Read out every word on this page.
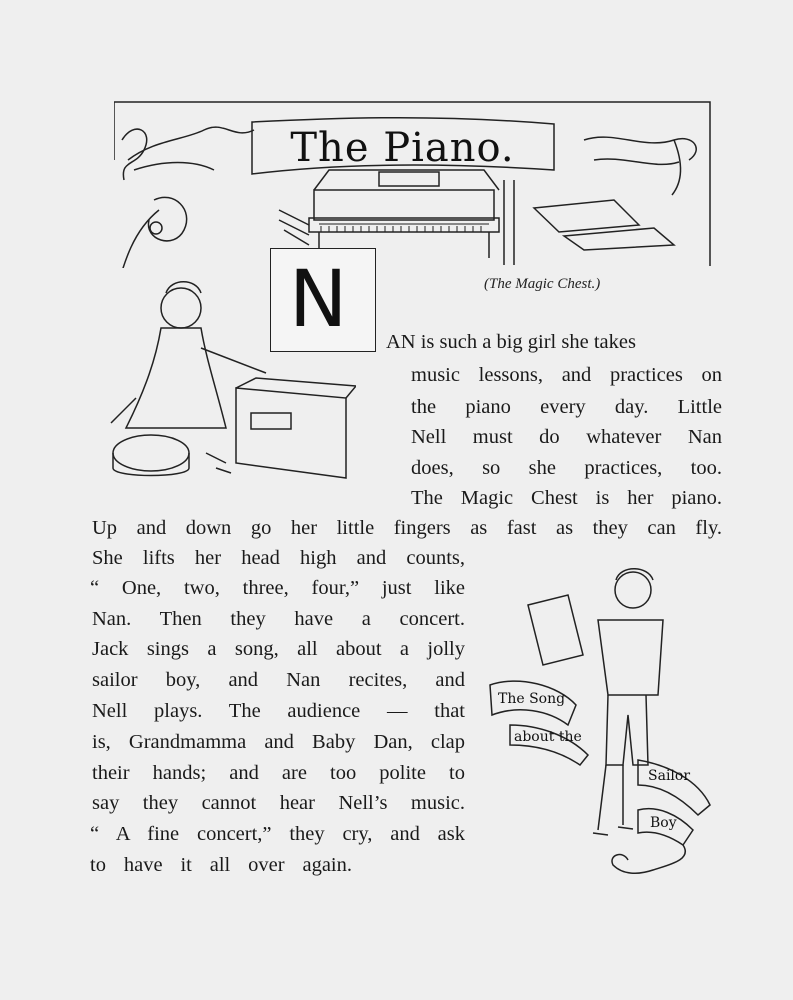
The Piano.
(The Magic Chest.)
N
The Song
about the
Sailor
Boy
AN is such a big girl she takes
music lessons, and practices on
the piano every day. Little
Nell must do whatever Nan
does, so she practices, too.
The Magic Chest is her piano.
Up and down go her little fingers as fast as they can fly.
She lifts her head high and counts,
“ One, two, three, four,” just like
Nan. Then they have a concert.
Jack sings a song, all about a jolly
sailor boy, and Nan recites, and
Nell plays. The audience — that
is, Grandmamma and Baby Dan, clap
their hands; and are too polite to
say they cannot hear Nell’s music.
“ A fine concert,” they cry, and ask
to have it all over again.
